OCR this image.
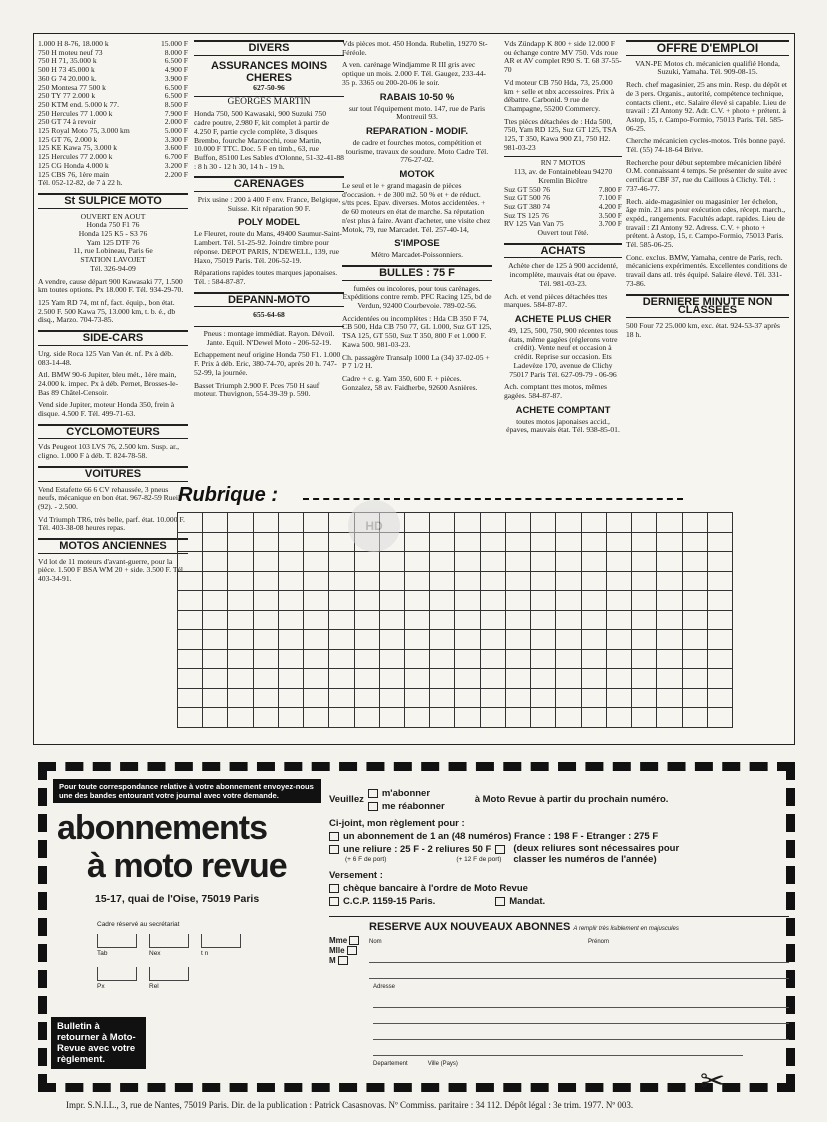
1.000 H 8-76, 18.000 k	15.000 F
750 H moteu neuf 73	8.000 F
750 H 71, 35.000 k	6.500 F
500 H 73 45.000 k	4.900 F
360 G 74 20.000 k.	3.900 F
250 Montesa 77 500 k	6.500 F
250 TY 77 2.000 k	6.500 F
250 KTM end. 5.000 k 77.	8.500 F
250 Hercules 77 1.000 k	7.900 F
250 GT 74 à revoir	2.000 F
125 Royal Moto 75, 3.000 km	5.000 F
125 GT 76, 2.000 k	3.300 F
125 KE Kawa 75, 3.000 k	3.600 F
125 Hercules 77 2.000 k	6.700 F
125 CG Honda 4.000 k	3.200 F
125 CBS 76, 1ère main	2.200 F
Tél. 052-12-82, de 7 à 22 h.
St SULPICE MOTO
OUVERT EN AOUT
Honda 750 F1 76
Honda 125 K5 - S3 76
Yam 125 DTF 76
11, rue Lobineau, Paris 6e
STATION LAVOJET
Tél. 326-94-09
A vendre, cause départ 900 Kawasaki 77, 1.500 km toutes options. Px 18.000 F. Tél. 934-29-70.
125 Yam RD 74, mt nf, fact. équip., bon état. 2.500 F. 500 Kawa 75, 13.000 km, t. b. é., db disq., Marzo. 704-73-85.
SIDE-CARS
Urg. side Roca 125 Van Van ét. nf. Px à déb. 083-14-48.
Atl. BMW 90-6 Jupiter, bleu mét., 1ère main, 24.000 k. impec. Px à déb. Pernet, Brosses-le-Bas 89 Châtel-Censoir.
Vend side Jupiter, moteur Honda 350, frein à disque. 4.500 F. Tél. 499-71-63.
CYCLOMOTEURS
Vds Peugeot 103 LVS 76, 2.500 km. Susp. ar., cligno. 1.000 F à déb. T. 824-78-58.
VOITURES
Vend Estafette 66 6 CV rehaussée, 3 pneus neufs, mécanique en bon état. 967-82-59 Rueil (92). - 2.500.
Vd Triumph TR6, très belle, parf. état. 10.000 F. Tél. 403-38-08 heures repas.
MOTOS ANCIENNES
Vd lot de 11 moteurs d'avant-guerre, pour la pièce. 1.500 F BSA WM 20 + side. 3.500 F. Tél. 403-34-91.
DIVERS
ASSURANCES MOINS CHERES
627-50-96
GEORGES MARTIN
Honda 750, 500 Kawasaki, 900 Suzuki 750 cadre poutre, 2.980 F, kit complet à partir de 4.250 F, partie cycle complète, 3 disques Brembo, fourche Marzocchi, roue Martin, 10.000 F TTC. Doc. 5 F en timb., 63, rue Buffon, 85100 Les Sables d'Olonne, 51-32-41-88 : 8 h 30 - 12 h 30, 14 h - 19 h.
CARENAGES
Prix usine : 200 à 400 F env. France, Belgique, Suisse. Kit réparation 90 F.
POLY MODEL
Le Fleuret, route du Mans, 49400 Saumur-Saint-Lambert. Tél. 51-25-92. Joindre timbre pour réponse. DEPOT PARIS, N'DEWELL, 139, rue Haxo, 75019 Paris. Tél. 206-52-19.
Réparations rapides toutes marques japonaises. Tél. : 584-87-87.
DEPANN-MOTO
655-64-68
Pneus : montage immédiat. Rayon. Dévoil. Jante. Equil. N'Dewel Moto - 206-52-19.
Echappement neuf origine Honda 750 F1. 1.000 F. Prix à déb. Eric, 380-74-70, après 20 h. 747-52-99, la journée.
Basset Triumph 2.900 F. Pces 750 H sauf moteur. Thuvignon, 554-39-39 p. 590.
Vds pièces mot. 450 Honda. Rubelin, 19270 St-Féréole.
A ven. carénage Windjamme R III gris avec optique un mois. 2.000 F. Tél. Gaugez, 233-44-35 p. 3365 ou 200-20-06 le soir.
RABAIS 10-50 %
sur tout l'équipement moto. 147, rue de Paris Montreuil 93.
REPARATION - MODIF.
de cadre et fourches motos, compétition et tourisme, travaux de soudure. Moto Cadre Tél. 776-27-02.
MOTOK
Le seul et le + grand magasin de pièces d'occasion. + de 300 m2. 50 % et + de réduct. s/tts pces. Epav. diverses. Motos accidentées. + de 60 moteurs en état de marche. Sa réputation n'est plus à faire. Avant d'acheter, une visite chez Motok, 79, rue Marcadet. Tél. 257-40-14,
S'IMPOSE
Métro Marcadet-Poissonniers.
BULLES : 75 F
fumées ou incolores, pour tous carénages. Expéditions contre remb. PFC Racing 125, bd de Verdun, 92400 Courbevoie. 789-02-56.
Accidentées ou incomplètes : Hda CB 350 F 74, CB 500, Hda CB 750 77, GL 1.000, Suz GT 125, TSA 125, GT 550, Suz T 350, 800 F et 1.000 F. Kawa 500. 981-03-23.
Ch. passagère Transalp 1000 La (34) 37-02-05 + P 7 1/2 H.
Cadre + c. g. Yam 350, 600 F. + pièces. Gonzalez, 58 av. Faidherbe, 92600 Asnières.
Vds Zündapp K 800 + side 12.000 F ou échange contre MV 750. Vds roue AR et AV complet R90 S. T. 68 37-55-70
Vd moteur CB 750 Hda, 73, 25.000 km + selle et nbx accessoires. Prix à débattre. Carbonid. 9 rue de Champagne, 55200 Commercy.
Ttes pièces détachées de : Hda 500, 750, Yam RD 125, Suz GT 125, TSA 125, T 350, Kawa 900 Z1, 750 H2. 981-03-23
RN 7 MOTOS
113, av. de Fontainebleau 94270 Kremlin Bicêtre
Suz GT 550 76	7.800 F
Suz GT 500 76	7.100 F
Suz GT 380 74	4.200 F
Suz TS 125 76	3.500 F
RV 125 Van Van 75	3.700 F
Ouvert tout l'été.
ACHATS
Achète cher de 125 à 900 accidenté, incomplète, mauvais état ou épave. Tél. 981-03-23.
Ach. et vend pièces détachées ttes marques. 584-87-87.
ACHETE PLUS CHER
49, 125, 500, 750, 900 récentes tous états, même gagées (réglerons votre crédit). Vente neuf et occasion à crédit. Reprise sur occasion. Ets Ladevèze 170, avenue de Clichy 75017 Paris Tél. 627-09-79 - 06-96
Ach. comptant ttes motos, mêmes gagées. 584-87-87.
ACHETE COMPTANT
toutes motos japonaises accid., épaves, mauvais état. Tél. 938-85-01.
OFFRE D'EMPLOI
VAN-PE Motos ch. mécanicien qualifié Honda, Suzuki, Yamaha. Tél. 909-08-15.
Rech. chef magasinier, 25 ans min. Resp. du dépôt et de 3 pers. Organis., autorité, compétence technique, contacts client., etc. Salaire élevé si capable. Lieu de travail : ZI Antony 92. Adr. C.V. + photo + prétent. à Astop, 15, r. Campo-Formio, 75013 Paris. Tél. 585-06-25.
Cherche mécanicien cycles-motos. Très bonne payé. Tél. (55) 74-18-64 Brive.
Recherche pour début septembre mécanicien libéré O.M. connaissant 4 temps. Se présenter de suite avec certificat CBF 37, rue du Caillous à Clichy. Tél. : 737-46-77.
Rech. aide-magasinier ou magasinier 1er échelon, âge min. 21 ans pour exécution cdes, récept. march., expéd., rangements. Facultés adapt. rapides. Lieu de travail : ZI Antony 92. Adress. C.V. + photo + prétent. à Astop, 15, r. Campo-Formio, 75013 Paris. Tél. 585-06-25.
Conc. exclus. BMW, Yamaha, centre de Paris, rech. mécaniciens expérimentés. Excellentes conditions de travail dans atl. très équipé. Salaire élevé. Tél. 331-73-86.
DERNIERE MINUTE NON CLASSEES
500 Four 72 25.000 km, exc. état. 924-53-37 après 18 h.
Rubrique :
HD
Pour toute correspondance relative à votre abonnement envoyez-nous une des bandes entourant votre journal avec votre demande.
abonnements
à moto revue
15-17, quai de l'Oise, 75019 Paris
Cadre réservé au secrétariat
Tab	Nex	t n
Px	Rel
Bulletin à retourner à Moto-Revue avec votre règlement.
Veuillez
m'abonner
me réabonner
à Moto Revue à partir du prochain numéro.
Ci-joint, mon règlement pour :
un abonnement de 1 an (48 numéros) France : 198 F - Etranger : 275 F
une reliure : 25 F - 2 reliures 50 F
(+ 6 F de port)	(+ 12 F de port)
(deux reliures sont nécessaires pour classer les numéros de l'année)
Versement :
chèque bancaire à l'ordre de Moto Revue
C.C.P. 1159-15 Paris.	Mandat.
Mme
Mlle
M
RESERVE AUX NOUVEAUX ABONNES A remplir très lisiblement en majuscules
Nom	Prénom
Adresse
Departement	Ville (Pays)
✂
Impr. S.N.I.L., 3, rue de Nantes, 75019 Paris. Dir. de la publication : Patrick Casasnovas. Nº Commiss. paritaire : 34 112. Dépôt légal : 3e trim. 1977. Nº 003.
